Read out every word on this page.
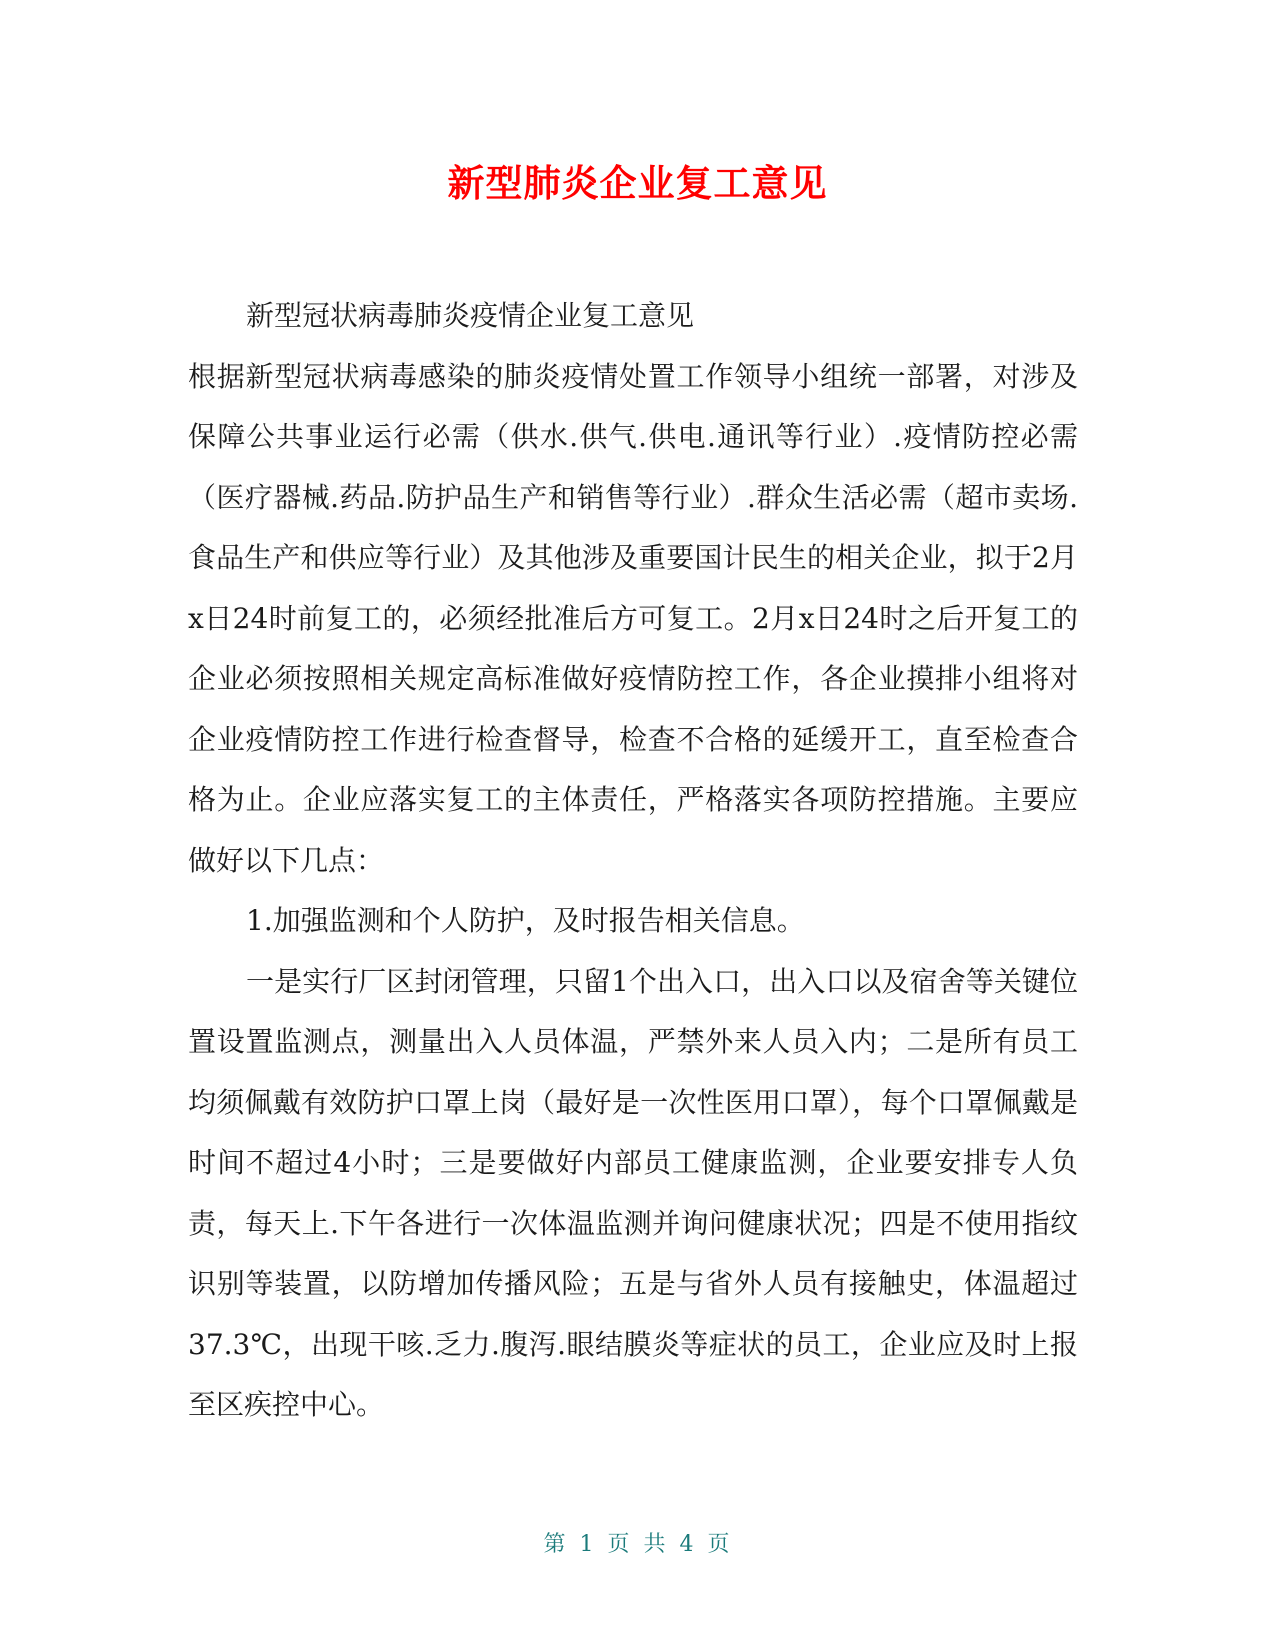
新型肺炎企业复工意见

新型冠状病毒肺炎疫情企业复工意见

根据新型冠状病毒感染的肺炎疫情处置工作领导小组统一部署，对涉及保障公共事业运行必需（供水.供气.供电.通讯等行业）.疫情防控必需（医疗器械.药品.防护品生产和销售等行业）.群众生活必需（超市卖场.食品生产和供应等行业）及其他涉及重要国计民生的相关企业，拟于2月x日24时前复工的，必须经批准后方可复工。2月x日24时之后开复工的企业必须按照相关规定高标准做好疫情防控工作，各企业摸排小组将对企业疫情防控工作进行检查督导，检查不合格的延缓开工，直至检查合格为止。企业应落实复工的主体责任，严格落实各项防控措施。主要应做好以下几点：

1.加强监测和个人防护，及时报告相关信息。

一是实行厂区封闭管理，只留1个出入口，出入口以及宿舍等关键位置设置监测点，测量出入人员体温，严禁外来人员入内；二是所有员工均须佩戴有效防护口罩上岗（最好是一次性医用口罩），每个口罩佩戴是时间不超过4小时；三是要做好内部员工健康监测，企业要安排专人负责，每天上.下午各进行一次体温监测并询问健康状况；四是不使用指纹识别等装置，以防增加传播风险；五是与省外人员有接触史，体温超过37.3℃，出现干咳.乏力.腹泻.眼结膜炎等症状的员工，企业应及时上报至区疾控中心。

第 1 页 共 4 页
